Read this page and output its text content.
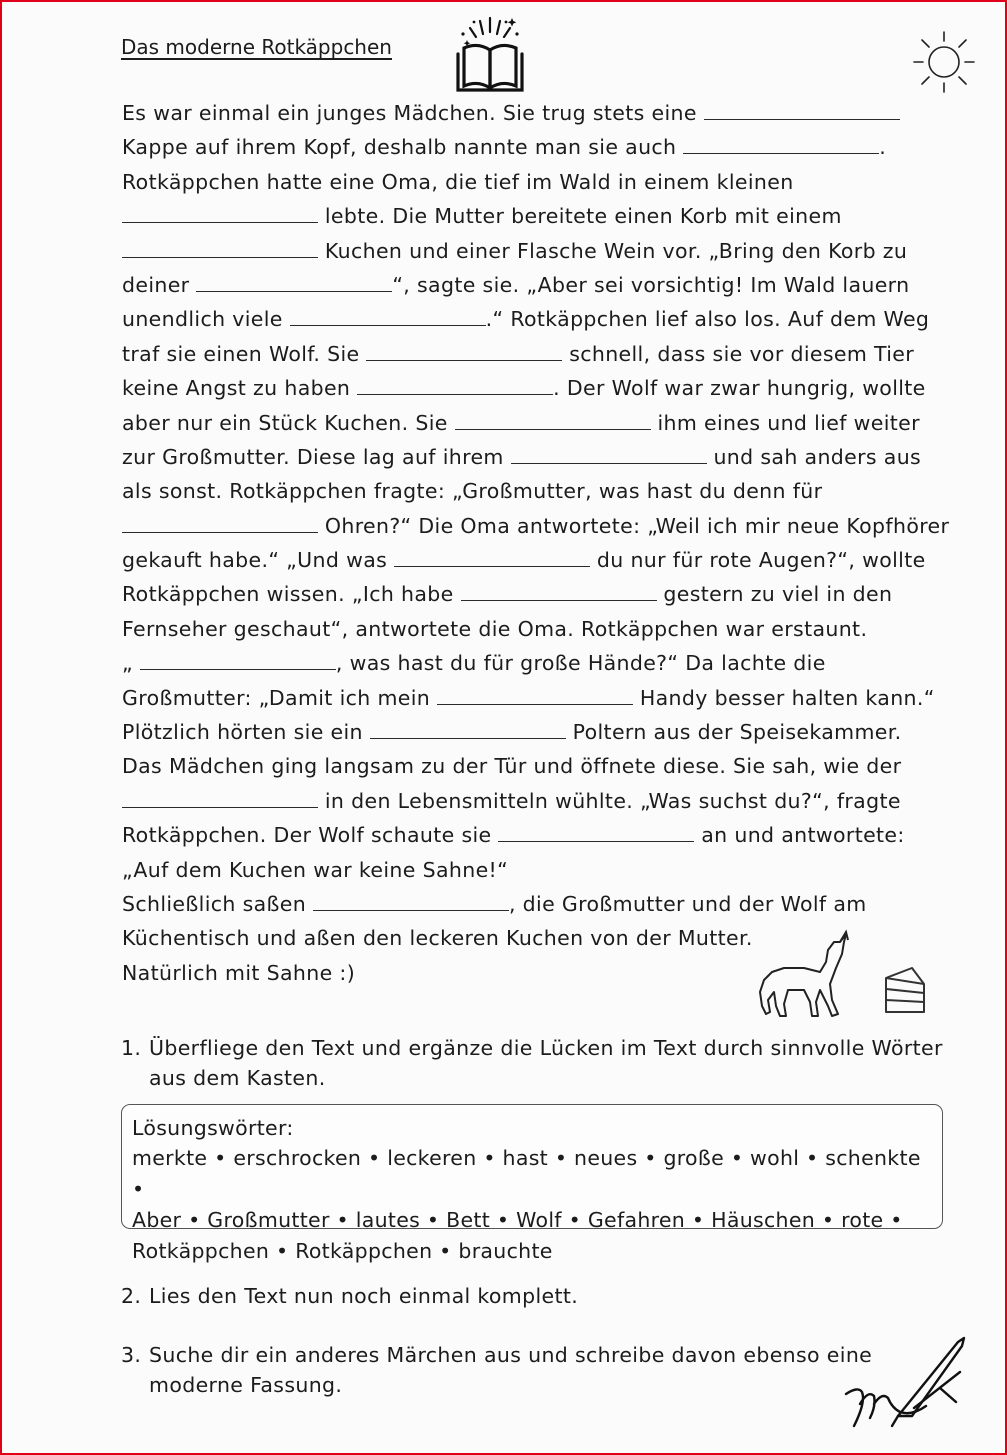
Das moderne Rotkäppchen
Es war einmal ein junges Mädchen. Sie trug stets eine
Kappe auf ihrem Kopf, deshalb nannte man sie auch	.
Rotkäppchen hatte eine Oma, die tief im Wald in einem kleinen
lebte. Die Mutter bereitete einen Korb mit einem
Kuchen und einer Flasche Wein vor. „Bring den Korb zu
deiner	“, sagte sie. „Aber sei vorsichtig! Im Wald lauern
unendlich viele	.“ Rotkäppchen lief also los. Auf dem Weg
traf sie einen Wolf. Sie	schnell, dass sie vor diesem Tier
keine Angst zu haben	. Der Wolf war zwar hungrig, wollte
aber nur ein Stück Kuchen. Sie	ihm eines und lief weiter
zur Großmutter. Diese lag auf ihrem	und sah anders aus
als sonst. Rotkäppchen fragte: „Großmutter, was hast du denn für
Ohren?“ Die Oma antwortete: „Weil ich mir neue Kopfhörer
gekauft habe.“ „Und was	du nur für rote Augen?“, wollte
Rotkäppchen wissen. „Ich habe	gestern zu viel in den
Fernseher geschaut“, antwortete die Oma. Rotkäppchen war erstaunt.
„	, was hast du für große Hände?“ Da lachte die
Großmutter: „Damit ich mein	Handy besser halten kann.“
Plötzlich hörten sie ein	Poltern aus der Speisekammer.
Das Mädchen ging langsam zu der Tür und öffnete diese. Sie sah, wie der
in den Lebensmitteln wühlte. „Was suchst du?“, fragte
Rotkäppchen. Der Wolf schaute sie	an und antwortete:
„Auf dem Kuchen war keine Sahne!“
Schließlich saßen	, die Großmutter und der Wolf am
Küchentisch und aßen den leckeren Kuchen von der Mutter.
Natürlich mit Sahne :)
1. Überfliege den Text und ergänze die Lücken im Text durch sinnvolle Wörter
aus dem Kasten.
Lösungswörter:
merkte • erschrocken • leckeren • hast • neues • große • wohl • schenkte •
Aber • Großmutter • lautes • Bett • Wolf • Gefahren • Häuschen • rote •
Rotkäppchen • Rotkäppchen • brauchte
2. Lies den Text nun noch einmal komplett.
3. Suche dir ein anderes Märchen aus und schreibe davon ebenso eine
moderne Fassung.
